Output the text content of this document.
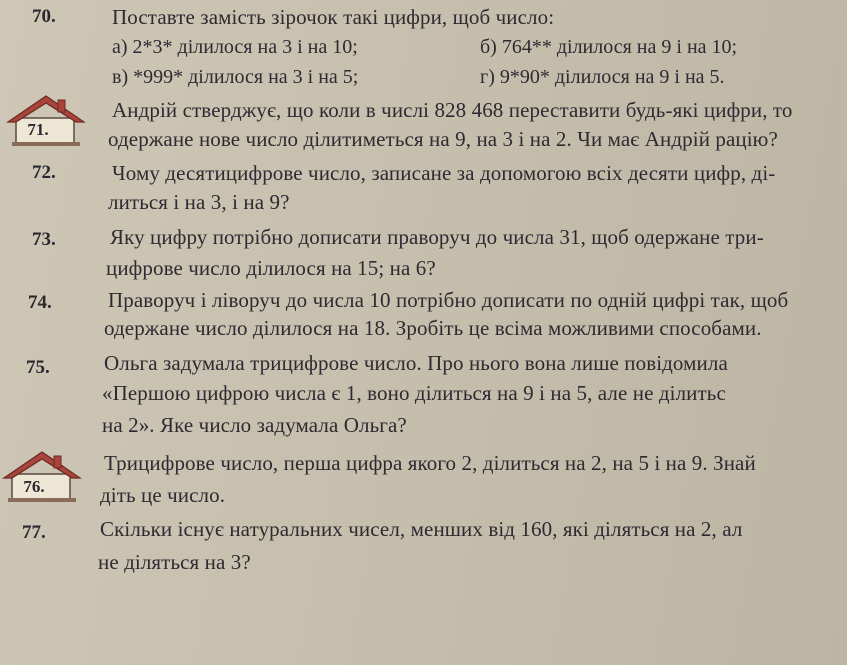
70.	Поставте замість зірочок такі цифри, щоб число:
а) 2*3* ділилося на 3 і на 10;	б) 764** ділилося на 9 і на 10;
в) *999* ділилося на 3 і на 5;	г) 9*90* ділилося на 9 і на 5.
71.
Андрій стверджує, що коли в числі 828 468 переставити будь-які цифри, то
одержане нове число ділитиметься на 9, на 3 і на 2. Чи має Андрій рацію?
72.	Чому десятицифрове число, записане за допомогою всіх десяти цифр, ді-
литься і на 3, і на 9?
73.	Яку цифру потрібно дописати праворуч до числа 31, щоб одержане три-
цифрове число ділилося на 15; на 6?
74.	Праворуч і ліворуч до числа 10 потрібно дописати по одній цифрі так, щоб
одержане число ділилося на 18. Зробіть це всіма можливими способами.
75.	Ольга задумала трицифрове число. Про нього вона лише повідомила
«Першою цифрою числа є 1, воно ділиться на 9 і на 5, але не ділитьс
на 2». Яке число задумала Ольга?
76.
Трицифрове число, перша цифра якого 2, ділиться на 2, на 5 і на 9. Знай
діть це число.
77.	Скільки існує натуральних чисел, менших від 160, які діляться на 2, ал
не діляться на 3?
